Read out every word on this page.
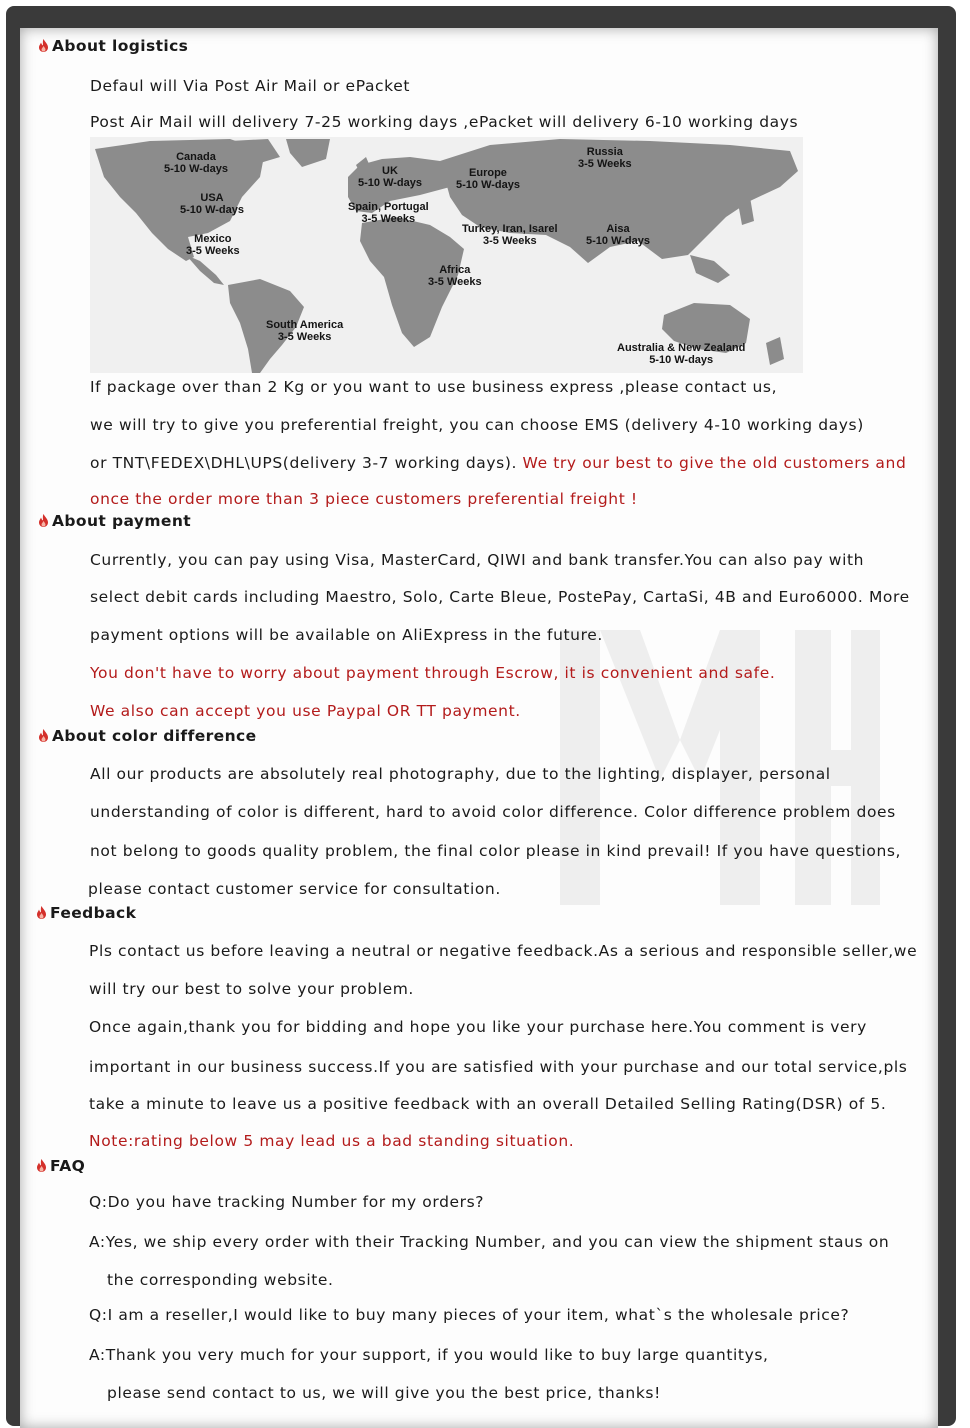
About logistics
Defaul will Via Post Air Mail or ePacket
Post Air Mail will delivery 7-25 working days ,ePacket will delivery 6-10 working days
Canada
5-10 W-days
USA
5-10 W-days
Mexico
3-5 Weeks
UK
5-10 W-days
Spain, Portugal
3-5 Weeks
Europe
5-10 W-days
Russia
3-5 Weeks
Turkey, Iran, Isarel
3-5 Weeks
Aisa
5-10 W-days
Africa
3-5 Weeks
South America
3-5 Weeks
Australia & New Zealand
5-10 W-days
If package over than 2 Kg or you want to use business express ,please contact us,
we will try to give you preferential freight, you can choose EMS (delivery 4-10 working days)
or TNT\FEDEX\DHL\UPS(delivery 3-7 working days). We try our best to give the old customers and
once the order more than 3 piece customers preferential freight !
About payment
Currently, you can pay using Visa, MasterCard, QIWI and bank transfer.You can also pay with
select debit cards including Maestro, Solo, Carte Bleue, PostePay, CartaSi, 4B and Euro6000. More
payment options will be available on AliExpress in the future.
You don't have to worry about payment through Escrow, it is convenient and safe.
We also can accept you use Paypal OR TT payment.
About color difference
All our products are absolutely real photography, due to the lighting, displayer, personal
understanding of color is different, hard to avoid color difference. Color difference problem does
not belong to goods quality problem, the final color please in kind prevail! If you have questions,
please contact customer service for consultation.
Feedback
Pls contact us before leaving a neutral or negative feedback.As a serious and responsible seller,we
will try our best to solve your problem.
Once again,thank you for bidding and hope you like your purchase here.You comment is very
important in our business success.If you are satisfied with your purchase and our total service,pls
take a minute to leave us a positive feedback with an overall Detailed Selling Rating(DSR) of 5.
Note:rating below 5 may lead us a bad standing situation.
FAQ
Q:Do you have tracking Number for my orders?
A:Yes, we ship every order with their Tracking Number, and you can view the shipment staus on
the corresponding website.
Q:I am a reseller,I would like to buy many pieces of your item, what`s the wholesale price?
A:Thank you very much for your support, if you would like to buy large quantitys,
please send contact to us, we will give you the best price, thanks!
